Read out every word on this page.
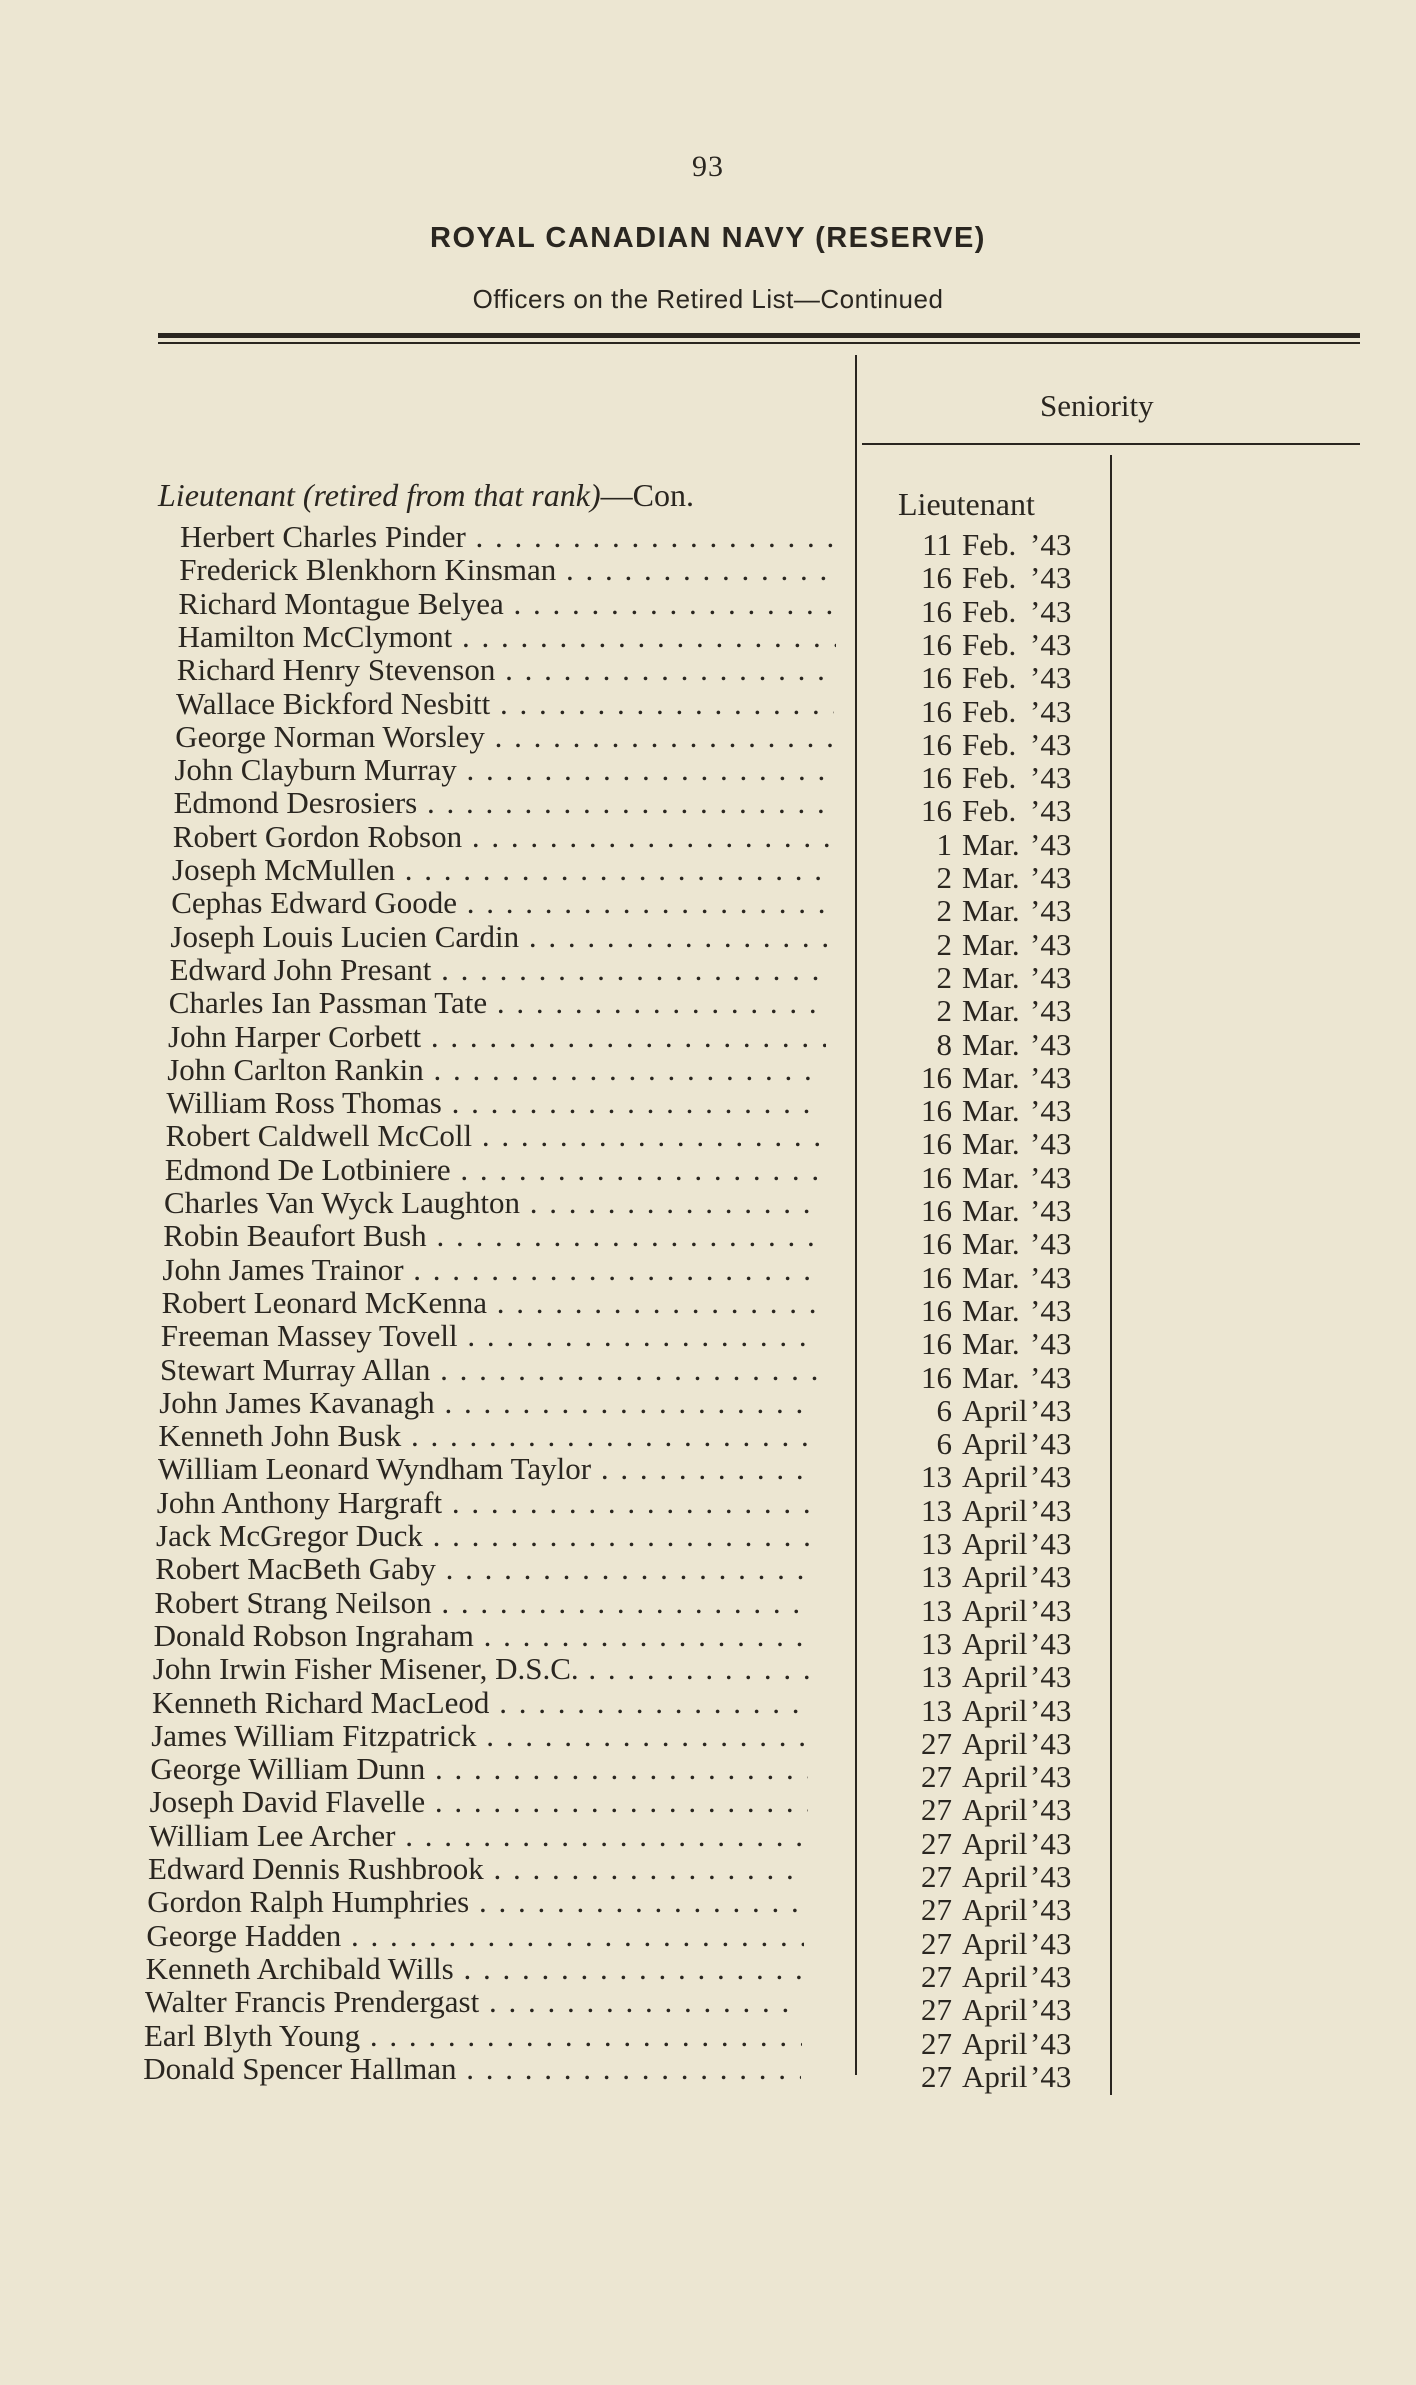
93
ROYAL CANADIAN NAVY (RESERVE)
Officers on the Retired List—Continued
Seniority
Lieutenant (retired from that rank)—Con.	Lieutenant
Herbert Charles Pinder . . .	11 Feb. ’43
Frederick Blenkhorn Kinsman . . .	16 Feb. ’43
Richard Montague Belyea . . .	16 Feb. ’43
Hamilton McClymont . . .	16 Feb. ’43
Richard Henry Stevenson . . .	16 Feb. ’43
Wallace Bickford Nesbitt . . .	16 Feb. ’43
George Norman Worsley . . .	16 Feb. ’43
John Clayburn Murray . . .	16 Feb. ’43
Edmond Desrosiers . . .	16 Feb. ’43
Robert Gordon Robson . . .	1 Mar. ’43
Joseph McMullen . . .	2 Mar. ’43
Cephas Edward Goode . . .	2 Mar. ’43
Joseph Louis Lucien Cardin . . .	2 Mar. ’43
Edward John Presant . . .	2 Mar. ’43
Charles Ian Passman Tate . . .	2 Mar. ’43
John Harper Corbett . . .	8 Mar. ’43
John Carlton Rankin . . .	16 Mar. ’43
William Ross Thomas . . .	16 Mar. ’43
Robert Caldwell McColl . . .	16 Mar. ’43
Edmond De Lotbiniere . . .	16 Mar. ’43
Charles Van Wyck Laughton . . .	16 Mar. ’43
Robin Beaufort Bush . . .	16 Mar. ’43
John James Trainor . . .	16 Mar. ’43
Robert Leonard McKenna . . .	16 Mar. ’43
Freeman Massey Tovell . . .	16 Mar. ’43
Stewart Murray Allan . . .	16 Mar. ’43
John James Kavanagh . . .	6 April ’43
Kenneth John Busk . . .	6 April ’43
William Leonard Wyndham Taylor . . .	13 April ’43
John Anthony Hargraft . . .	13 April ’43
Jack McGregor Duck . . .	13 April ’43
Robert MacBeth Gaby . . .	13 April ’43
Robert Strang Neilson . . .	13 April ’43
Donald Robson Ingraham . . .	13 April ’43
John Irwin Fisher Misener, D.S.C. . . .	13 April ’43
Kenneth Richard MacLeod . . .	13 April ’43
James William Fitzpatrick . . .	27 April ’43
George William Dunn . . .	27 April ’43
Joseph David Flavelle . . .	27 April ’43
William Lee Archer . . .	27 April ’43
Edward Dennis Rushbrook . . .	27 April ’43
Gordon Ralph Humphries . . .	27 April ’43
George Hadden . . .	27 April ’43
Kenneth Archibald Wills . . .	27 April ’43
Walter Francis Prendergast . . .	27 April ’43
Earl Blyth Young . . .	27 April ’43
Donald Spencer Hallman . . .	27 April ’43
